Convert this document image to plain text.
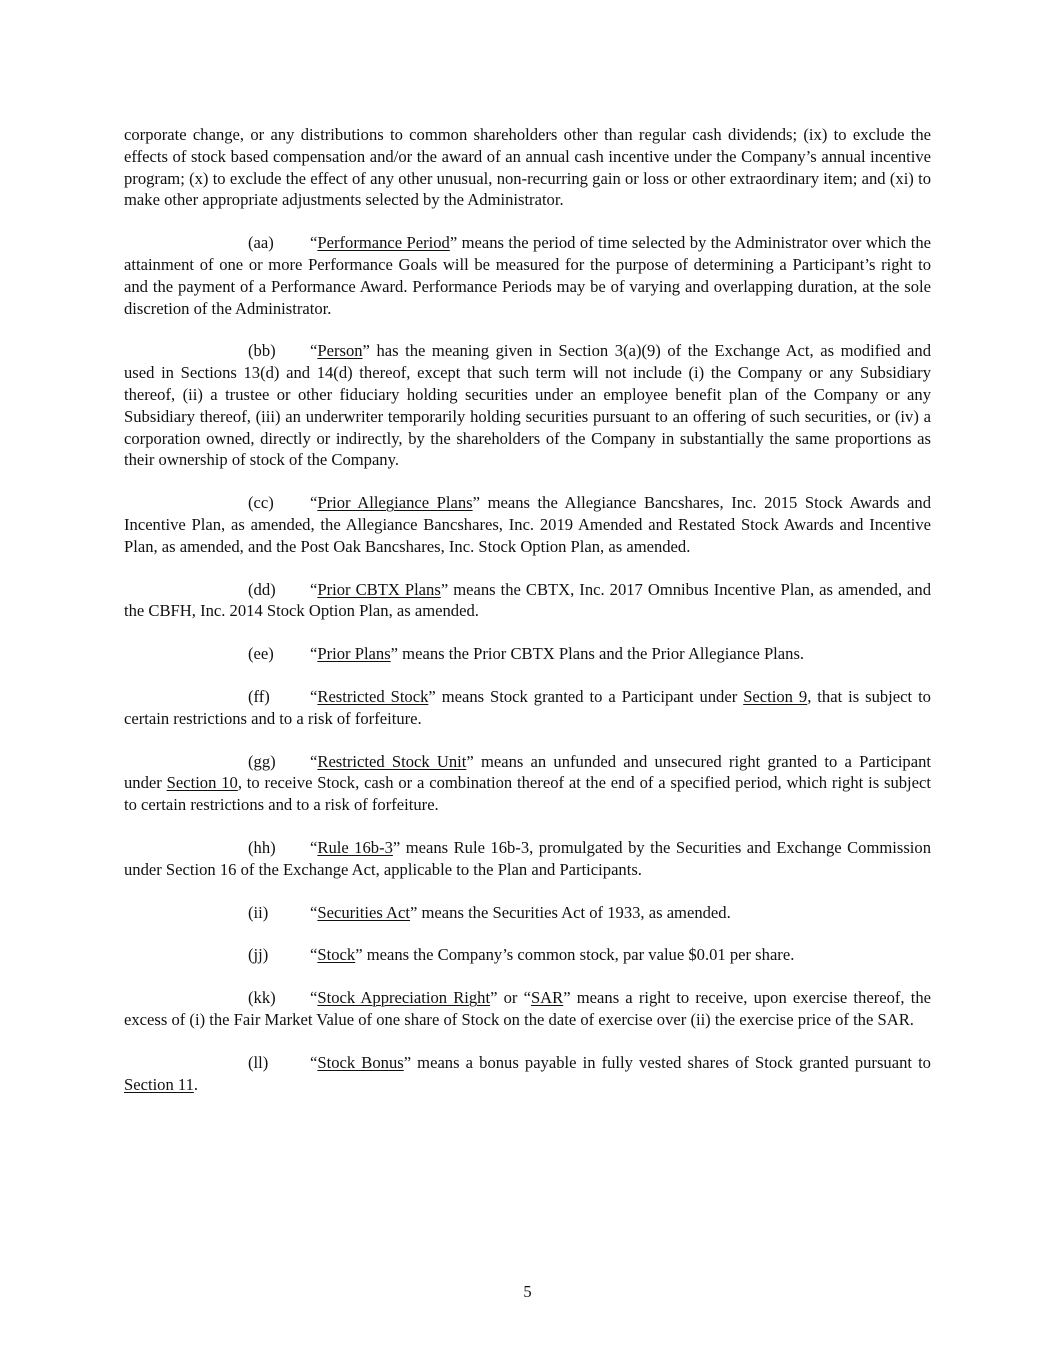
corporate change, or any distributions to common shareholders other than regular cash dividends; (ix) to exclude the effects of stock based compensation and/or the award of an annual cash incentive under the Company’s annual incentive program; (x) to exclude the effect of any other unusual, non-recurring gain or loss or other extraordinary item; and (xi) to make other appropriate adjustments selected by the Administrator.

(aa) “Performance Period” means the period of time selected by the Administrator over which the attainment of one or more Performance Goals will be measured for the purpose of determining a Participant’s right to and the payment of a Performance Award. Performance Periods may be of varying and overlapping duration, at the sole discretion of the Administrator.

(bb) “Person” has the meaning given in Section 3(a)(9) of the Exchange Act, as modified and used in Sections 13(d) and 14(d) thereof, except that such term will not include (i) the Company or any Subsidiary thereof, (ii) a trustee or other fiduciary holding securities under an employee benefit plan of the Company or any Subsidiary thereof, (iii) an underwriter temporarily holding securities pursuant to an offering of such securities, or (iv) a corporation owned, directly or indirectly, by the shareholders of the Company in substantially the same proportions as their ownership of stock of the Company.

(cc) “Prior Allegiance Plans” means the Allegiance Bancshares, Inc. 2015 Stock Awards and Incentive Plan, as amended, the Allegiance Bancshares, Inc. 2019 Amended and Restated Stock Awards and Incentive Plan, as amended, and the Post Oak Bancshares, Inc. Stock Option Plan, as amended.

(dd) “Prior CBTX Plans” means the CBTX, Inc. 2017 Omnibus Incentive Plan, as amended, and the CBFH, Inc. 2014 Stock Option Plan, as amended.

(ee) “Prior Plans” means the Prior CBTX Plans and the Prior Allegiance Plans.

(ff) “Restricted Stock” means Stock granted to a Participant under Section 9, that is subject to certain restrictions and to a risk of forfeiture.

(gg) “Restricted Stock Unit” means an unfunded and unsecured right granted to a Participant under Section 10, to receive Stock, cash or a combination thereof at the end of a specified period, which right is subject to certain restrictions and to a risk of forfeiture.

(hh) “Rule 16b-3” means Rule 16b-3, promulgated by the Securities and Exchange Commission under Section 16 of the Exchange Act, applicable to the Plan and Participants.

(ii)	“Securities Act” means the Securities Act of 1933, as amended.

(jj)	“Stock” means the Company’s common stock, par value $0.01 per share.

(kk) “Stock Appreciation Right” or “SAR” means a right to receive, upon exercise thereof, the excess of (i) the Fair Market Value of one share of Stock on the date of exercise over (ii) the exercise price of the SAR.

(ll)	“Stock Bonus” means a bonus payable in fully vested shares of Stock granted pursuant to Section 11.

5
